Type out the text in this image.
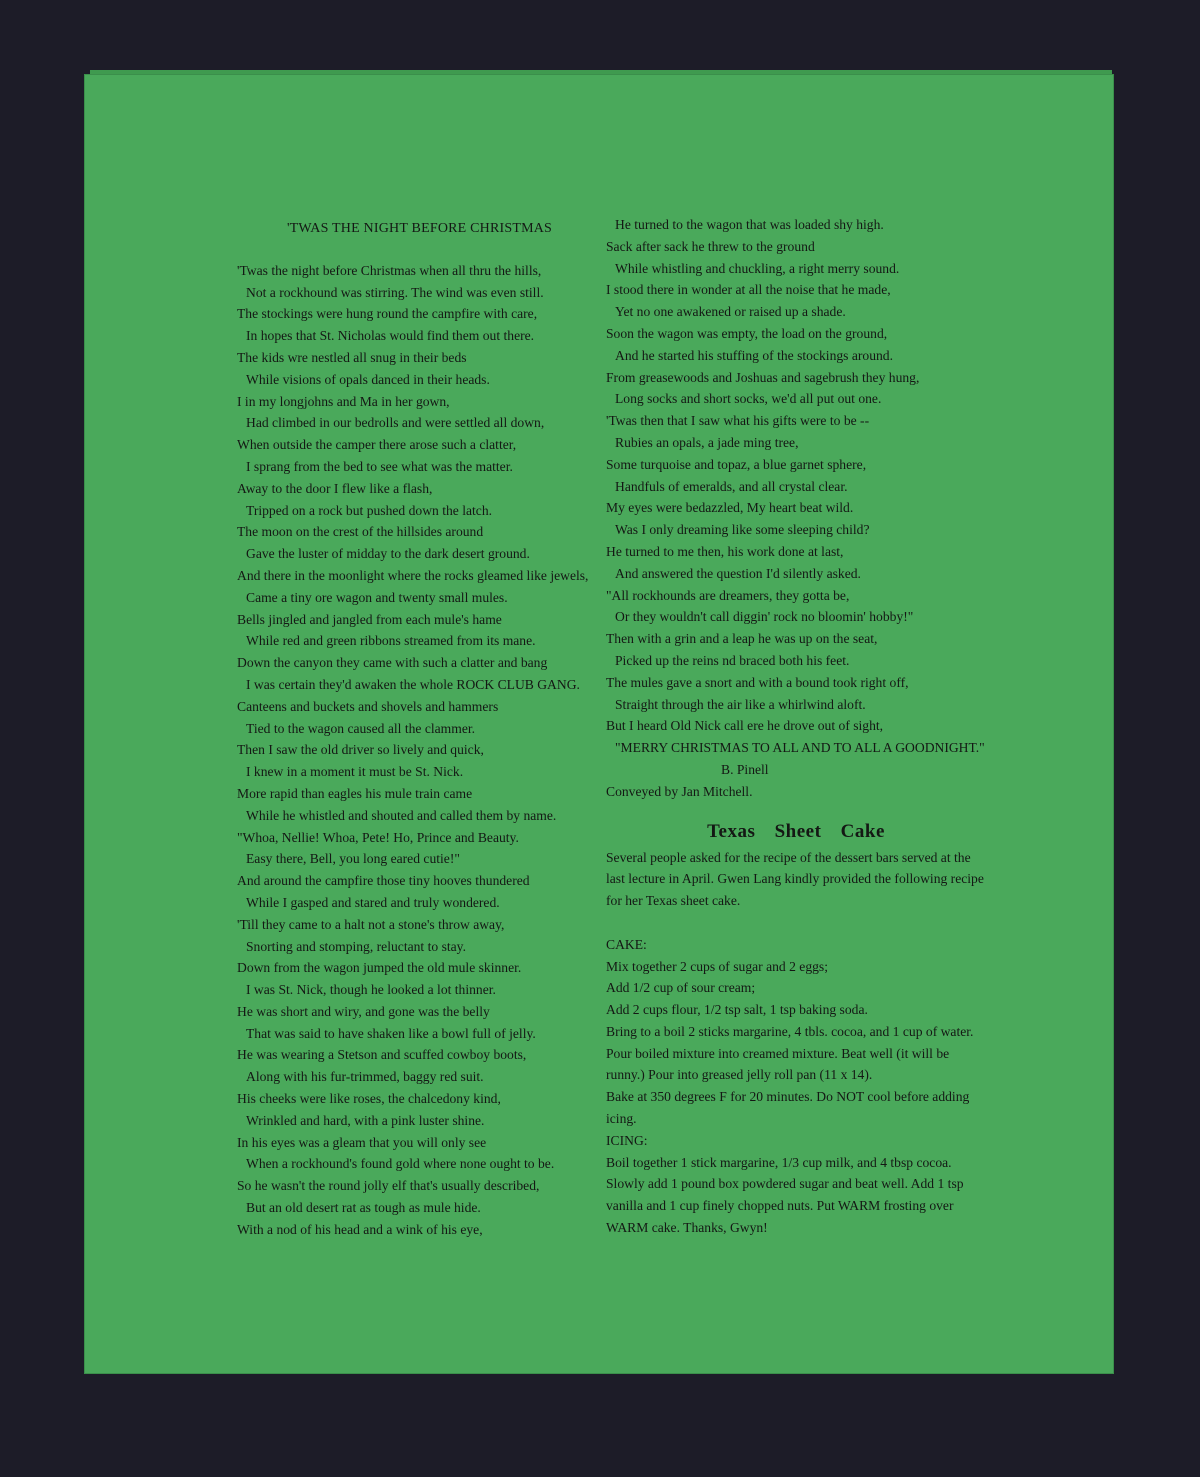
'TWAS THE NIGHT BEFORE CHRISTMAS
'Twas the night before Christmas when all thru the hills,
Not a rockhound was stirring. The wind was even still.
The stockings were hung round the campfire with care,
In hopes that St. Nicholas would find them out there.
The kids wre nestled all snug in their beds
While visions of opals danced in their heads.
I in my longjohns and Ma in her gown,
Had climbed in our bedrolls and were settled all down,
When outside the camper there arose such a clatter,
I sprang from the bed to see what was the matter.
Away to the door I flew like a flash,
Tripped on a rock but pushed down the latch.
The moon on the crest of the hillsides around
Gave the luster of midday to the dark desert ground.
And there in the moonlight where the rocks gleamed like jewels,
Came a tiny ore wagon and twenty small mules.
Bells jingled and jangled from each mule's hame
While red and green ribbons streamed from its mane.
Down the canyon they came with such a clatter and bang
I was certain they'd awaken the whole ROCK CLUB GANG.
Canteens and buckets and shovels and hammers
Tied to the wagon caused all the clammer.
Then I saw the old driver so lively and quick,
I knew in a moment it must be St. Nick.
More rapid than eagles his mule train came
While he whistled and shouted and called them by name.
"Whoa, Nellie! Whoa, Pete! Ho, Prince and Beauty.
Easy there, Bell, you long eared cutie!"
And around the campfire those tiny hooves thundered
While I gasped and stared and truly wondered.
'Till they came to a halt not a stone's throw away,
Snorting and stomping, reluctant to stay.
Down from the wagon jumped the old mule skinner.
I was St. Nick, though he looked a lot thinner.
He was short and wiry, and gone was the belly
That was said to have shaken like a bowl full of jelly.
He was wearing a Stetson and scuffed cowboy boots,
Along with his fur-trimmed, baggy red suit.
His cheeks were like roses, the chalcedony kind,
Wrinkled and hard, with a pink luster shine.
In his eyes was a gleam that you will only see
When a rockhound's found gold where none ought to be.
So he wasn't the round jolly elf that's usually described,
But an old desert rat as tough as mule hide.
With a nod of his head and a wink of his eye,
He turned to the wagon that was loaded shy high.
Sack after sack he threw to the ground
While whistling and chuckling, a right merry sound.
I stood there in wonder at all the noise that he made,
Yet no one awakened or raised up a shade.
Soon the wagon was empty, the load on the ground,
And he started his stuffing of the stockings around.
From greasewoods and Joshuas and sagebrush they hung,
Long socks and short socks, we'd all put out one.
'Twas then that I saw what his gifts were to be --
Rubies an opals, a jade ming tree,
Some turquoise and topaz, a blue garnet sphere,
Handfuls of emeralds, and all crystal clear.
My eyes were bedazzled, My heart beat wild.
Was I only dreaming like some sleeping child?
He turned to me then, his work done at last,
And answered the question I'd silently asked.
"All rockhounds are dreamers, they gotta be,
Or they wouldn't call diggin' rock no bloomin' hobby!"
Then with a grin and a leap he was up on the seat,
Picked up the reins nd braced both his feet.
The mules gave a snort and with a bound took right off,
Straight through the air like a whirlwind aloft.
But I heard Old Nick call ere he drove out of sight,
"MERRY CHRISTMAS TO ALL AND TO ALL A GOODNIGHT."
B. Pinell
Conveyed by Jan Mitchell.
Texas Sheet Cake
Several people asked for the recipe of the dessert bars served at the last lecture in April. Gwen Lang kindly provided the following recipe for her Texas sheet cake.
CAKE:
Mix together 2 cups of sugar and 2 eggs;
Add 1/2 cup of sour cream;
Add 2 cups flour, 1/2 tsp salt, 1 tsp baking soda.
Bring to a boil 2 sticks margarine, 4 tbls. cocoa, and 1 cup of water.
Pour boiled mixture into creamed mixture. Beat well (it will be runny.) Pour into greased jelly roll pan (11 x 14).
Bake at 350 degrees F for 20 minutes. Do NOT cool before adding icing.
ICING:
Boil together 1 stick margarine, 1/3 cup milk, and 4 tbsp cocoa. Slowly add 1 pound box powdered sugar and beat well. Add 1 tsp vanilla and 1 cup finely chopped nuts. Put WARM frosting over WARM cake. Thanks, Gwyn!
